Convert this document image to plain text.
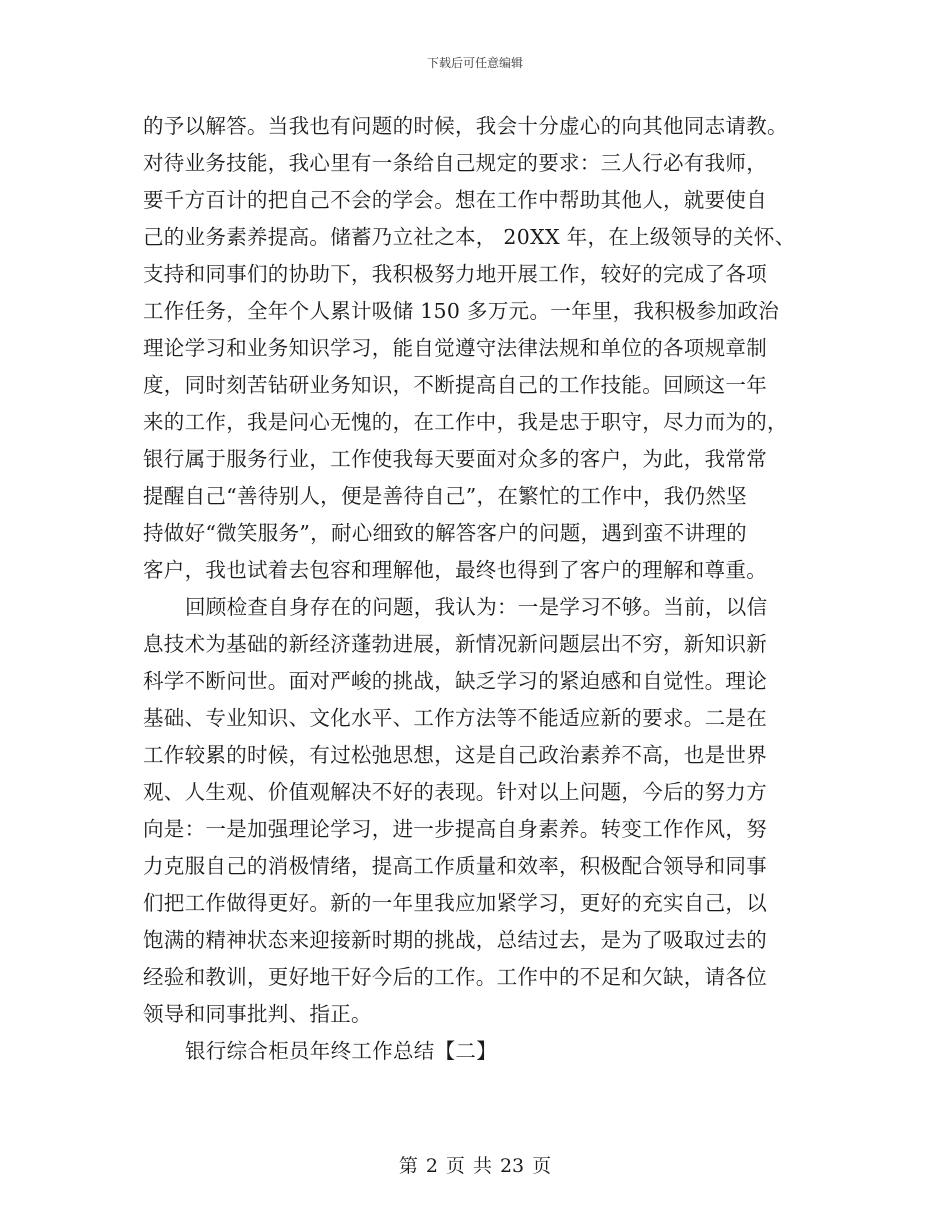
下载后可任意编辑
的予以解答。当我也有问题的时候，我会十分虚心的向其他同志请教。
对待业务技能，我心里有一条给自己规定的要求：三人行必有我师，
要千方百计的把自己不会的学会。想在工作中帮助其他人，就要使自
己的业务素养提高。储蓄乃立社之本， 20XX 年，在上级领导的关怀、
支持和同事们的协助下，我积极努力地开展工作，较好的完成了各项
工作任务，全年个人累计吸储 150 多万元。一年里，我积极参加政治
理论学习和业务知识学习，能自觉遵守法律法规和单位的各项规章制
度，同时刻苦钻研业务知识，不断提高自己的工作技能。回顾这一年
来的工作，我是问心无愧的，在工作中，我是忠于职守，尽力而为的，
银行属于服务行业，工作使我每天要面对众多的客户，为此，我常常
提醒自己“善待别人，便是善待自己”，在繁忙的工作中，我仍然坚
持做好“微笑服务”，耐心细致的解答客户的问题，遇到蛮不讲理的
客户，我也试着去包容和理解他，最终也得到了客户的理解和尊重。
回顾检查自身存在的问题，我认为：一是学习不够。当前，以信
息技术为基础的新经济蓬勃进展，新情况新问题层出不穷，新知识新
科学不断问世。面对严峻的挑战，缺乏学习的紧迫感和自觉性。理论
基础、专业知识、文化水平、工作方法等不能适应新的要求。二是在
工作较累的时候，有过松弛思想，这是自己政治素养不高，也是世界
观、人生观、价值观解决不好的表现。针对以上问题，今后的努力方
向是：一是加强理论学习，进一步提高自身素养。转变工作作风，努
力克服自己的消极情绪，提高工作质量和效率，积极配合领导和同事
们把工作做得更好。新的一年里我应加紧学习，更好的充实自己，以
饱满的精神状态来迎接新时期的挑战，总结过去，是为了吸取过去的
经验和教训，更好地干好今后的工作。工作中的不足和欠缺，请各位
领导和同事批判、指正。
银行综合柜员年终工作总结【二】
第 2 页 共 23 页
